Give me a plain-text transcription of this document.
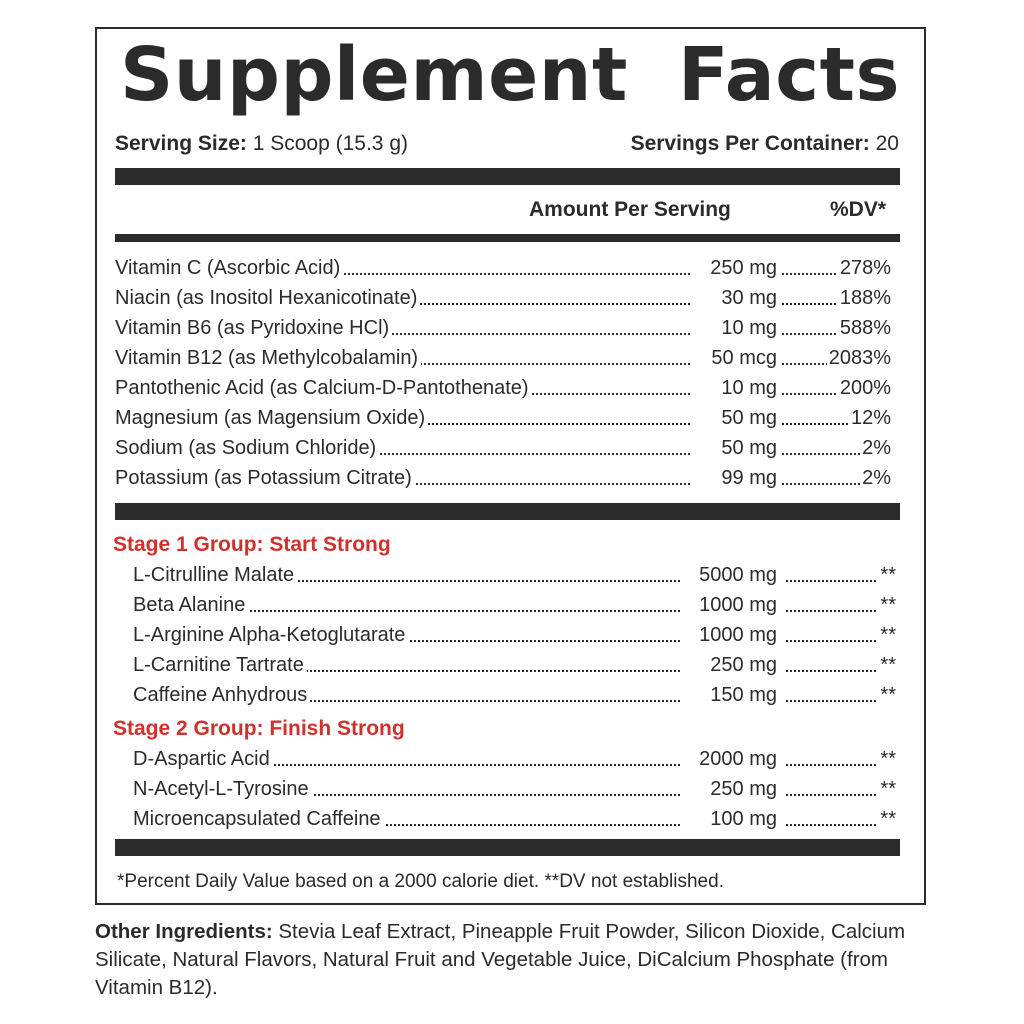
Supplement Facts
Serving Size: 1 Scoop (15.3 g)	Servings Per Container: 20
Amount Per Serving	%DV*
Vitamin C (Ascorbic Acid)	250 mg	278%
Niacin (as Inositol Hexanicotinate)	30 mg	188%
Vitamin B6 (as Pyridoxine HCl)	10 mg	588%
Vitamin B12 (as Methylcobalamin)	50 mcg	2083%
Pantothenic Acid (as Calcium-D-Pantothenate)	10 mg	200%
Magnesium (as Magensium Oxide)	50 mg	12%
Sodium (as Sodium Chloride)	50 mg	2%
Potassium (as Potassium Citrate)	99 mg	2%
Stage 1 Group: Start Strong
L-Citrulline Malate	5000 mg	**
Beta Alanine	1000 mg	**
L-Arginine Alpha-Ketoglutarate	1000 mg	**
L-Carnitine Tartrate	250 mg	**
Caffeine Anhydrous	150 mg	**
Stage 2 Group: Finish Strong
D-Aspartic Acid	2000 mg	**
N-Acetyl-L-Tyrosine	250 mg	**
Microencapsulated Caffeine	100 mg	**
*Percent Daily Value based on a 2000 calorie diet. **DV not established.
Other Ingredients: Stevia Leaf Extract, Pineapple Fruit Powder, Silicon Dioxide, Calcium Silicate, Natural Flavors, Natural Fruit and Vegetable Juice, DiCalcium Phosphate (from Vitamin B12).
